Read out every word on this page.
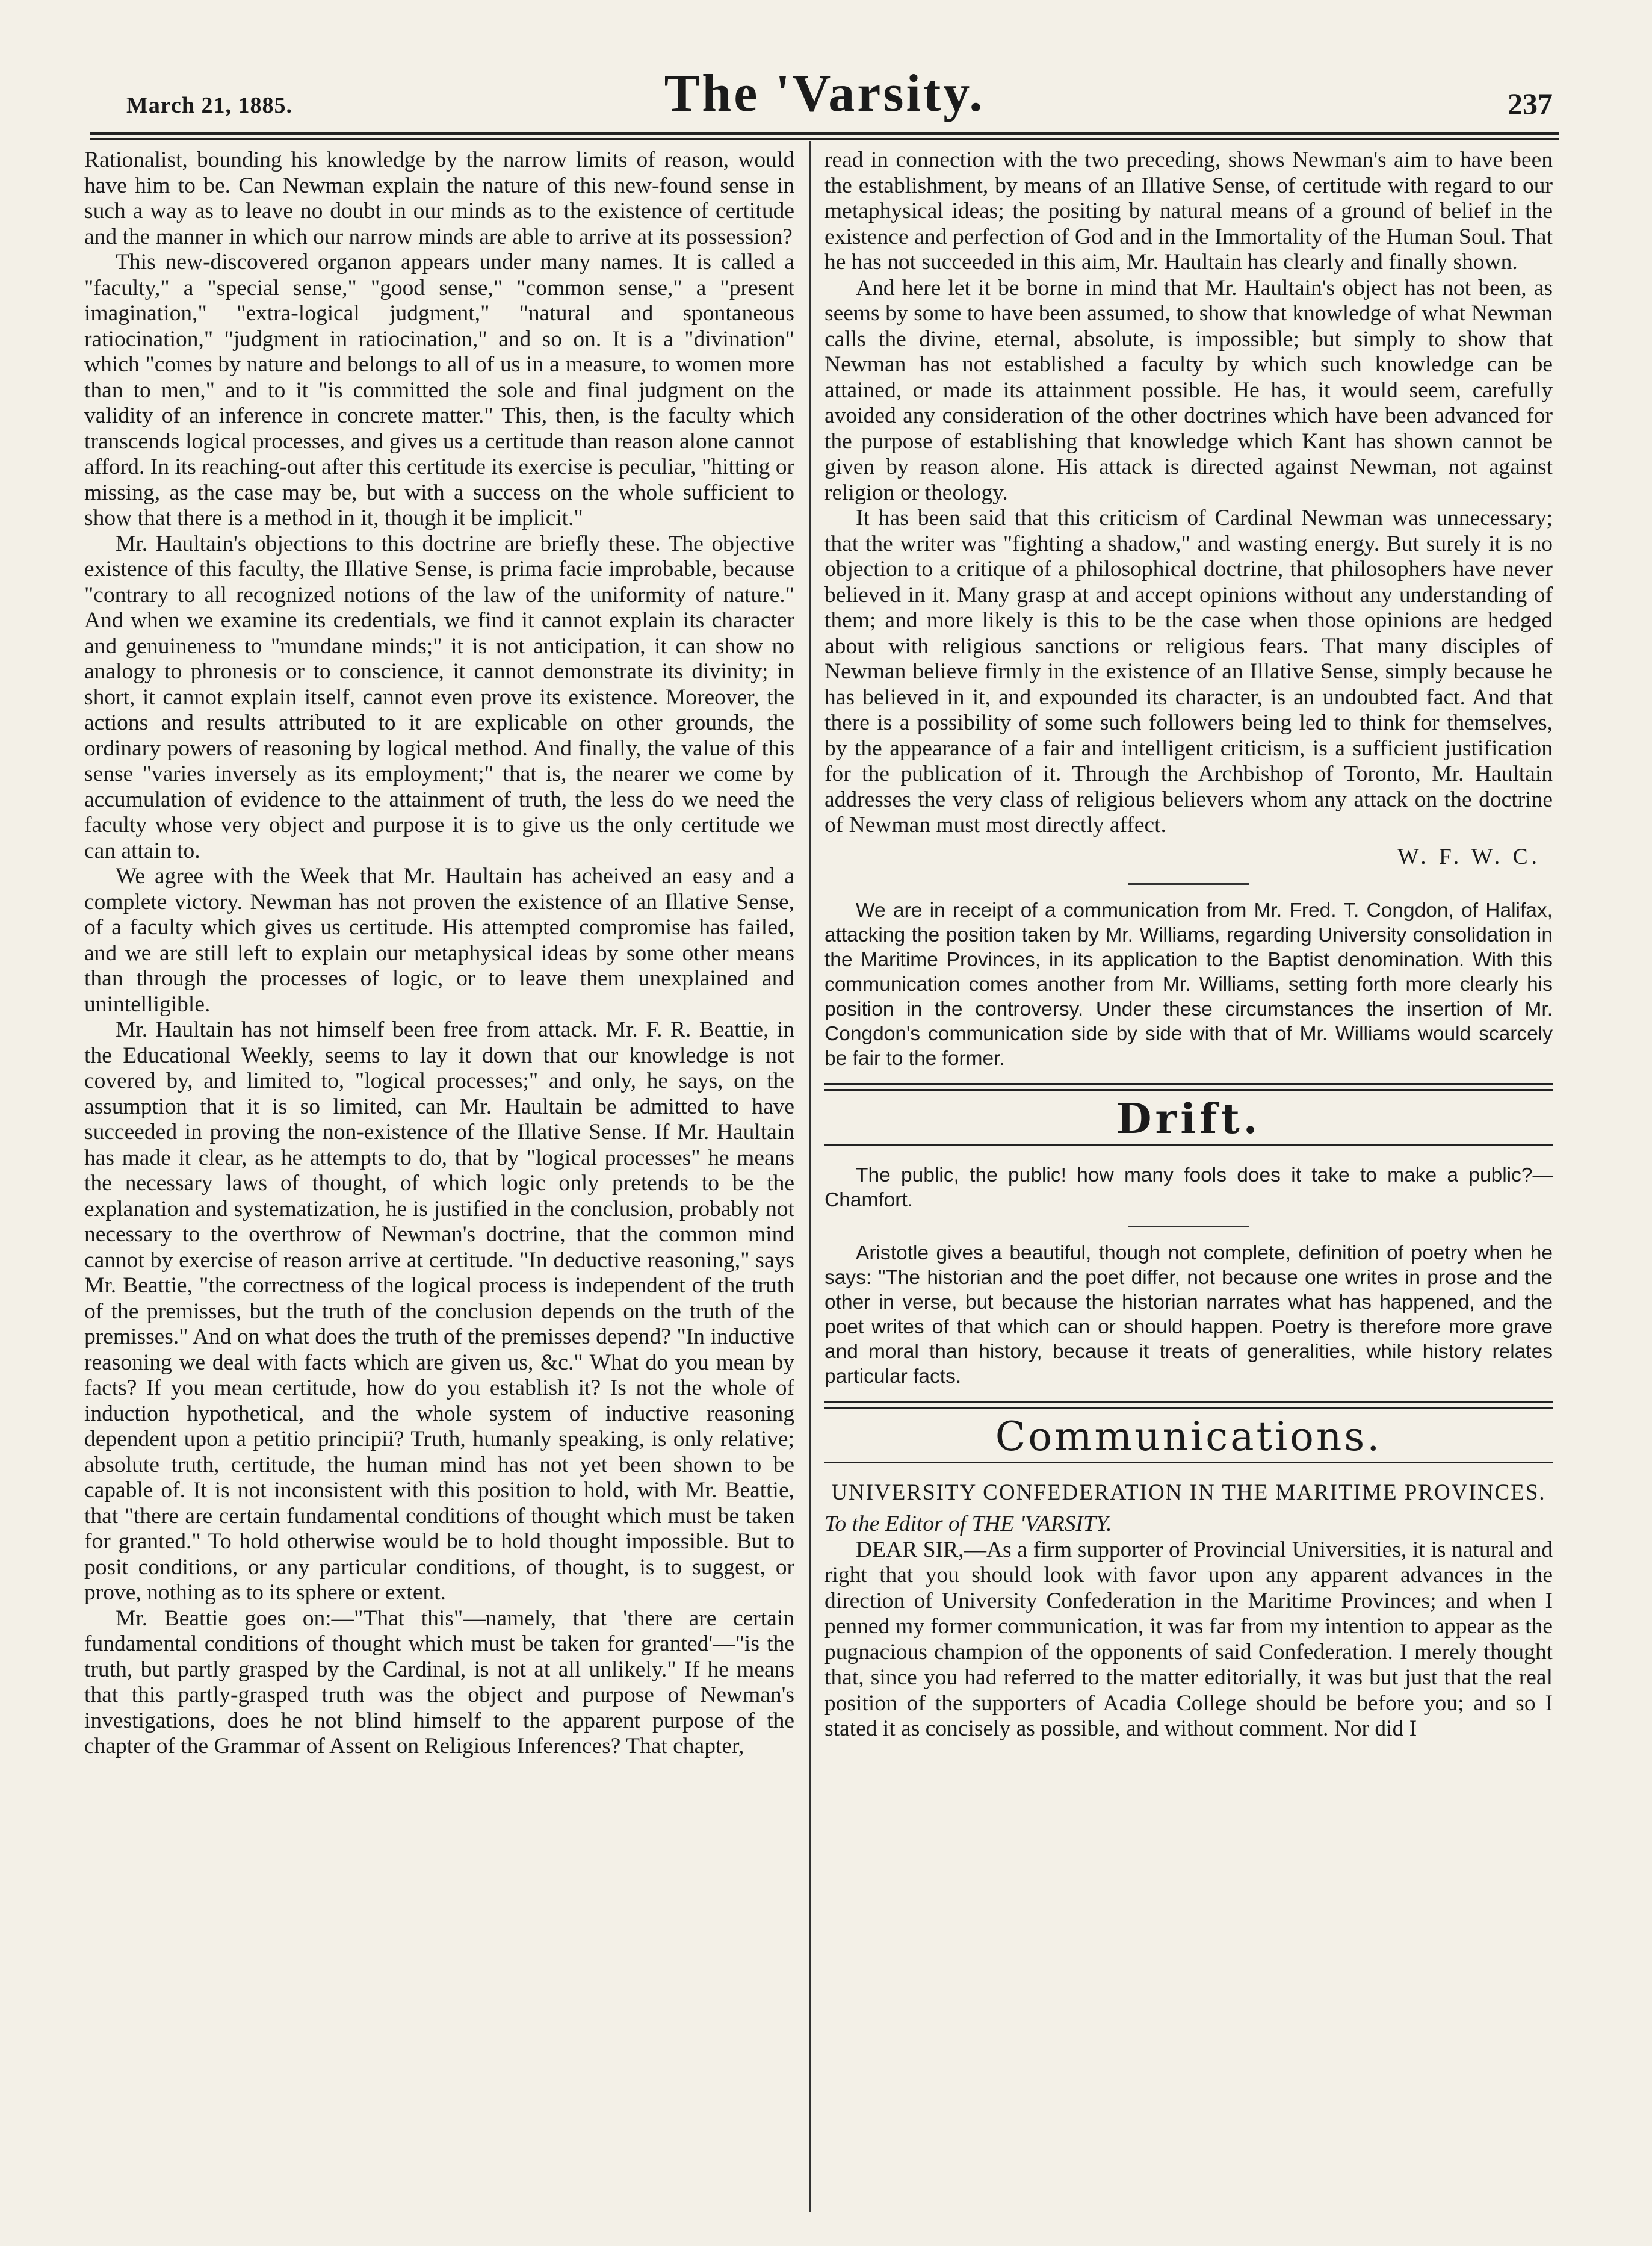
March 21, 1885.	The 'Varsity.	237

Rationalist, bounding his knowledge by the narrow limits of reason, would have him to be. Can Newman explain the nature of this new-found sense in such a way as to leave no doubt in our minds as to the existence of certitude and the manner in which our narrow minds are able to arrive at its possession?

This new-discovered organon appears under many names. It is called a "faculty," a "special sense," "good sense," "common sense," a "present imagination," "extra-logical judgment," "natural and spontaneous ratiocination," "judgment in ratiocination," and so on. It is a "divination" which "comes by nature and belongs to all of us in a measure, to women more than to men," and to it "is committed the sole and final judgment on the validity of an inference in concrete matter." This, then, is the faculty which transcends logical processes, and gives us a certitude than reason alone cannot afford. In its reaching-out after this certitude its exercise is peculiar, "hitting or missing, as the case may be, but with a success on the whole sufficient to show that there is a method in it, though it be implicit."

Mr. Haultain's objections to this doctrine are briefly these. The objective existence of this faculty, the Illative Sense, is prima facie improbable, because "contrary to all recognized notions of the law of the uniformity of nature." And when we examine its credentials, we find it cannot explain its character and genuineness to "mundane minds;" it is not anticipation, it can show no analogy to phronesis or to conscience, it cannot demonstrate its divinity; in short, it cannot explain itself, cannot even prove its existence. Moreover, the actions and results attributed to it are explicable on other grounds, the ordinary powers of reasoning by logical method. And finally, the value of this sense "varies inversely as its employment;" that is, the nearer we come by accumulation of evidence to the attainment of truth, the less do we need the faculty whose very object and purpose it is to give us the only certitude we can attain to.

We agree with the Week that Mr. Haultain has acheived an easy and a complete victory. Newman has not proven the existence of an Illative Sense, of a faculty which gives us certitude. His attempted compromise has failed, and we are still left to explain our metaphysical ideas by some other means than through the processes of logic, or to leave them unexplained and unintelligible.

Mr. Haultain has not himself been free from attack. Mr. F. R. Beattie, in the Educational Weekly, seems to lay it down that our knowledge is not covered by, and limited to, "logical processes;" and only, he says, on the assumption that it is so limited, can Mr. Haultain be admitted to have succeeded in proving the non-existence of the Illative Sense. If Mr. Haultain has made it clear, as he attempts to do, that by "logical processes" he means the necessary laws of thought, of which logic only pretends to be the explanation and systematization, he is justified in the conclusion, probably not necessary to the overthrow of Newman's doctrine, that the common mind cannot by exercise of reason arrive at certitude. "In deductive reasoning," says Mr. Beattie, "the correctness of the logical process is independent of the truth of the premisses, but the truth of the conclusion depends on the truth of the premisses." And on what does the truth of the premisses depend? "In inductive reasoning we deal with facts which are given us, &c." What do you mean by facts? If you mean certitude, how do you establish it? Is not the whole of induction hypothetical, and the whole system of inductive reasoning dependent upon a petitio principii? Truth, humanly speaking, is only relative; absolute truth, certitude, the human mind has not yet been shown to be capable of. It is not inconsistent with this position to hold, with Mr. Beattie, that "there are certain fundamental conditions of thought which must be taken for granted." To hold otherwise would be to hold thought impossible. But to posit conditions, or any particular conditions, of thought, is to suggest, or prove, nothing as to its sphere or extent.

Mr. Beattie goes on:—"That this"—namely, that 'there are certain fundamental conditions of thought which must be taken for granted'—"is the truth, but partly grasped by the Cardinal, is not at all unlikely." If he means that this partly-grasped truth was the object and purpose of Newman's investigations, does he not blind himself to the apparent purpose of the chapter of the Grammar of Assent on Religious Inferences? That chapter,

read in connection with the two preceding, shows Newman's aim to have been the establishment, by means of an Illative Sense, of certitude with regard to our metaphysical ideas; the positing by natural means of a ground of belief in the existence and perfection of God and in the Immortality of the Human Soul. That he has not succeeded in this aim, Mr. Haultain has clearly and finally shown.

And here let it be borne in mind that Mr. Haultain's object has not been, as seems by some to have been assumed, to show that knowledge of what Newman calls the divine, eternal, absolute, is impossible; but simply to show that Newman has not established a faculty by which such knowledge can be attained, or made its attainment possible. He has, it would seem, carefully avoided any consideration of the other doctrines which have been advanced for the purpose of establishing that knowledge which Kant has shown cannot be given by reason alone. His attack is directed against Newman, not against religion or theology.

It has been said that this criticism of Cardinal Newman was unnecessary; that the writer was "fighting a shadow," and wasting energy. But surely it is no objection to a critique of a philosophical doctrine, that philosophers have never believed in it. Many grasp at and accept opinions without any understanding of them; and more likely is this to be the case when those opinions are hedged about with religious sanctions or religious fears. That many disciples of Newman believe firmly in the existence of an Illative Sense, simply because he has believed in it, and expounded its character, is an undoubted fact. And that there is a possibility of some such followers being led to think for themselves, by the appearance of a fair and intelligent criticism, is a sufficient justification for the publication of it. Through the Archbishop of Toronto, Mr. Haultain addresses the very class of religious believers whom any attack on the doctrine of Newman must most directly affect.

W. F. W. C.

We are in receipt of a communication from Mr. Fred. T. Congdon, of Halifax, attacking the position taken by Mr. Williams, regarding University consolidation in the Maritime Provinces, in its application to the Baptist denomination. With this communication comes another from Mr. Williams, setting forth more clearly his position in the controversy. Under these circumstances the insertion of Mr. Congdon's communication side by side with that of Mr. Williams would scarcely be fair to the former.

Drift.

The public, the public! how many fools does it take to make a public?—Chamfort.

Aristotle gives a beautiful, though not complete, definition of poetry when he says: "The historian and the poet differ, not because one writes in prose and the other in verse, but because the historian narrates what has happened, and the poet writes of that which can or should happen. Poetry is therefore more grave and moral than history, because it treats of generalities, while history relates particular facts.

Communications.

UNIVERSITY CONFEDERATION IN THE MARITIME PROVINCES.

To the Editor of THE 'VARSITY.

DEAR SIR,—As a firm supporter of Provincial Universities, it is natural and right that you should look with favor upon any apparent advances in the direction of University Confederation in the Maritime Provinces; and when I penned my former communication, it was far from my intention to appear as the pugnacious champion of the opponents of said Confederation. I merely thought that, since you had referred to the matter editorially, it was but just that the real position of the supporters of Acadia College should be before you; and so I stated it as concisely as possible, and without comment. Nor did I
